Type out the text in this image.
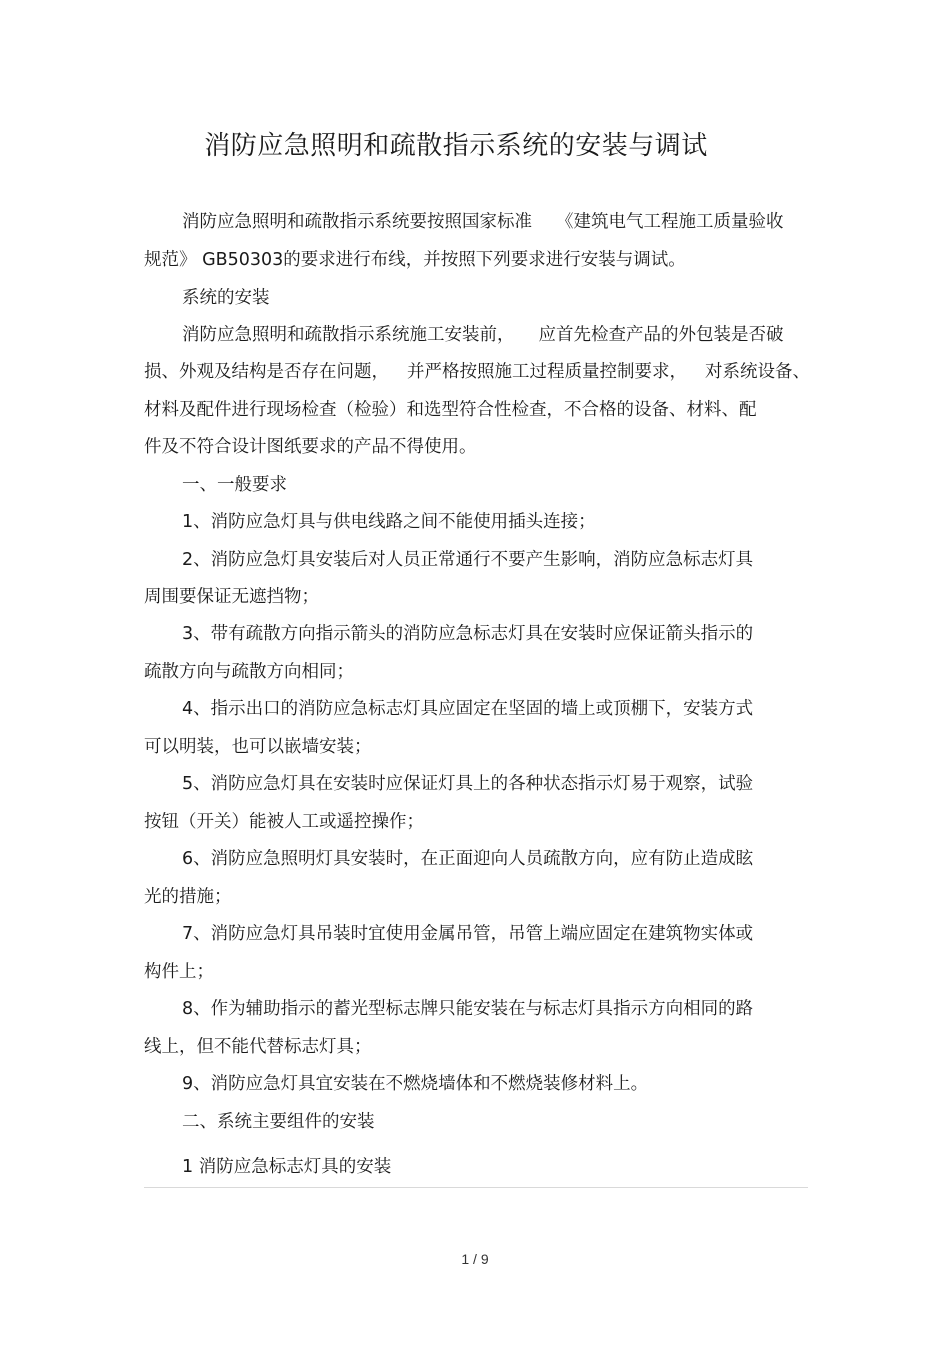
消防应急照明和疏散指示系统的安装与调试
消防应急照明和疏散指示系统要按照国家标准 《建筑电气工程施工质量验收
规范》 GB50303的要求进行布线，并按照下列要求进行安装与调试。
系统的安装
消防应急照明和疏散指示系统施工安装前， 应首先检查产品的外包装是否破
损、外观及结构是否存在问题， 并严格按照施工过程质量控制要求， 对系统设备、
材料及配件进行现场检查（检验）和选型符合性检查，不合格的设备、材料、配
件及不符合设计图纸要求的产品不得使用。
一、一般要求
1、消防应急灯具与供电线路之间不能使用插头连接；
2、消防应急灯具安装后对人员正常通行不要产生影响，消防应急标志灯具
周围要保证无遮挡物；
3、带有疏散方向指示箭头的消防应急标志灯具在安装时应保证箭头指示的
疏散方向与疏散方向相同；
4、指示出口的消防应急标志灯具应固定在坚固的墙上或顶棚下，安装方式
可以明装，也可以嵌墙安装；
5、消防应急灯具在安装时应保证灯具上的各种状态指示灯易于观察，试验
按钮（开关）能被人工或遥控操作；
6、消防应急照明灯具安装时，在正面迎向人员疏散方向，应有防止造成眩
光的措施；
7、消防应急灯具吊装时宜使用金属吊管，吊管上端应固定在建筑物实体或
构件上；
8、作为辅助指示的蓄光型标志牌只能安装在与标志灯具指示方向相同的路
线上，但不能代替标志灯具；
9、消防应急灯具宜安装在不燃烧墙体和不燃烧装修材料上。
二、系统主要组件的安装
1 消防应急标志灯具的安装
1 / 9
